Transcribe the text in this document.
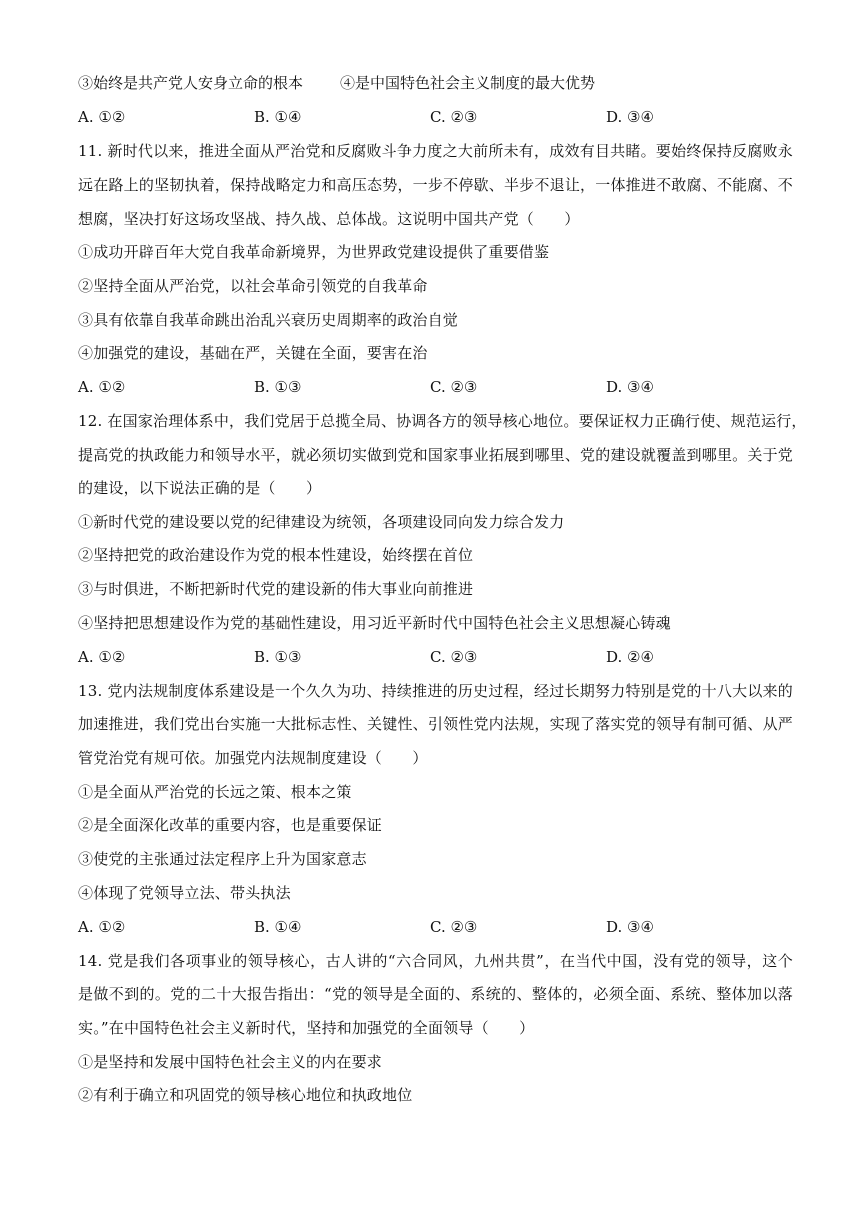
③始终是共产党人安身立命的根本 ④是中国特色社会主义制度的最大优势
A. ①②	B. ①④	C. ②③	D. ③④
11. 新时代以来，推进全面从严治党和反腐败斗争力度之大前所未有，成效有目共睹。要始终保持反腐败永
远在路上的坚韧执着，保持战略定力和高压态势，一步不停歇、半步不退让，一体推进不敢腐、不能腐、不
想腐，坚决打好这场攻坚战、持久战、总体战。这说明中国共产党（　　）
①成功开辟百年大党自我革命新境界，为世界政党建设提供了重要借鉴
②坚持全面从严治党，以社会革命引领党的自我革命
③具有依靠自我革命跳出治乱兴衰历史周期率的政治自觉
④加强党的建设，基础在严，关键在全面，要害在治
A. ①②	B. ①③	C. ②③	D. ③④
12. 在国家治理体系中，我们党居于总揽全局、协调各方的领导核心地位。要保证权力正确行使、规范运行，
提高党的执政能力和领导水平，就必须切实做到党和国家事业拓展到哪里、党的建设就覆盖到哪里。关于党
的建设，以下说法正确的是（　　）
①新时代党的建设要以党的纪律建设为统领，各项建设同向发力综合发力
②坚持把党的政治建设作为党的根本性建设，始终摆在首位
③与时俱进，不断把新时代党的建设新的伟大事业向前推进
④坚持把思想建设作为党的基础性建设，用习近平新时代中国特色社会主义思想凝心铸魂
A. ①②	B. ①③	C. ②③	D. ②④
13. 党内法规制度体系建设是一个久久为功、持续推进的历史过程，经过长期努力特别是党的十八大以来的
加速推进，我们党出台实施一大批标志性、关键性、引领性党内法规，实现了落实党的领导有制可循、从严
管党治党有规可依。加强党内法规制度建设（　　）
①是全面从严治党的长远之策、根本之策
②是全面深化改革的重要内容，也是重要保证
③使党的主张通过法定程序上升为国家意志
④体现了党领导立法、带头执法
A. ①②	B. ①④	C. ②③	D. ③④
14. 党是我们各项事业的领导核心，古人讲的“六合同风，九州共贯”，在当代中国，没有党的领导，这个
是做不到的。党的二十大报告指出：“党的领导是全面的、系统的、整体的，必须全面、系统、整体加以落
实。”在中国特色社会主义新时代，坚持和加强党的全面领导（　　）
①是坚持和发展中国特色社会主义的内在要求
②有利于确立和巩固党的领导核心地位和执政地位
